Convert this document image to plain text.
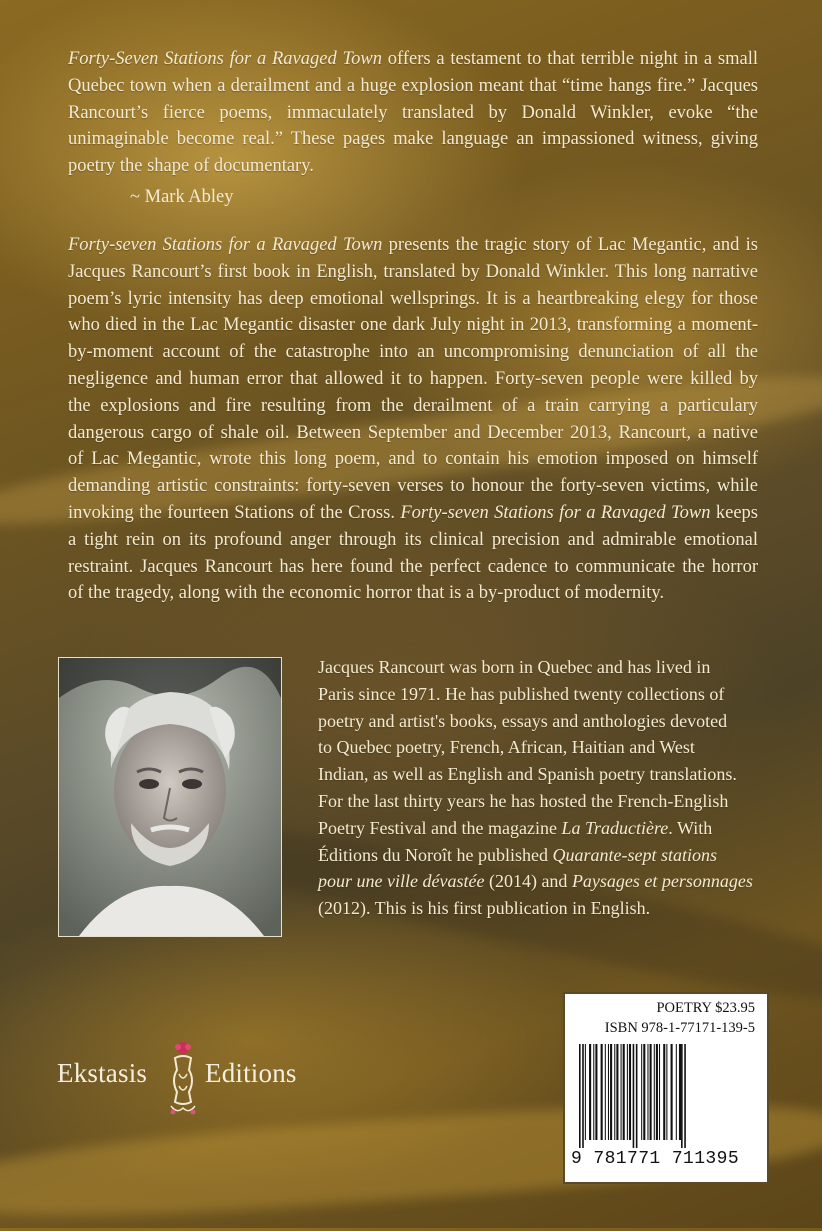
Forty-Seven Stations for a Ravaged Town offers a testament to that terrible night in a small
Quebec town when a derailment and a huge explosion meant that “time hangs fire.” Jacques
Rancourt’s fierce poems, immaculately translated by Donald Winkler, evoke “the
unimaginable become real.” These pages make language an impassioned witness, giving
poetry the shape of documentary.
~ Mark Abley
Forty-seven Stations for a Ravaged Town presents the tragic story of Lac Megantic, and is
Jacques Rancourt’s first book in English, translated by Donald Winkler. This long narrative
poem’s lyric intensity has deep emotional wellsprings. It is a heartbreaking elegy for those
who died in the Lac Megantic disaster one dark July night in 2013, transforming a moment-
by-moment account of the catastrophe into an uncompromising denunciation of all the
negligence and human error that allowed it to happen. Forty-seven people were killed by
the explosions and fire resulting from the derailment of a train carrying a particulary
dangerous cargo of shale oil. Between September and December 2013, Rancourt, a native
of Lac Megantic, wrote this long poem, and to contain his emotion imposed on himself
demanding artistic constraints: forty-seven verses to honour the forty-seven victims, while
invoking the fourteen Stations of the Cross. Forty-seven Stations for a Ravaged Town keeps
a tight rein on its profound anger through its clinical precision and admirable emotional
restraint. Jacques Rancourt has here found the perfect cadence to communicate the horror
of the tragedy, along with the economic horror that is a by-product of modernity.
Jacques Rancourt was born in Quebec and has lived in
Paris since 1971. He has published twenty collections of
poetry and artist's books, essays and anthologies devoted
to Quebec poetry, French, African, Haitian and West
Indian, as well as English and Spanish poetry translations.
For the last thirty years he has hosted the French-English
Poetry Festival and the magazine La Traductière. With
Éditions du Noroît he published Quarante-sept stations
pour une ville dévastée (2014) and Paysages et personnages
(2012). This is his first publication in English.
Ekstasis Editions
POETRY $23.95
ISBN 978-1-77171-139-5
9 781771 711395
